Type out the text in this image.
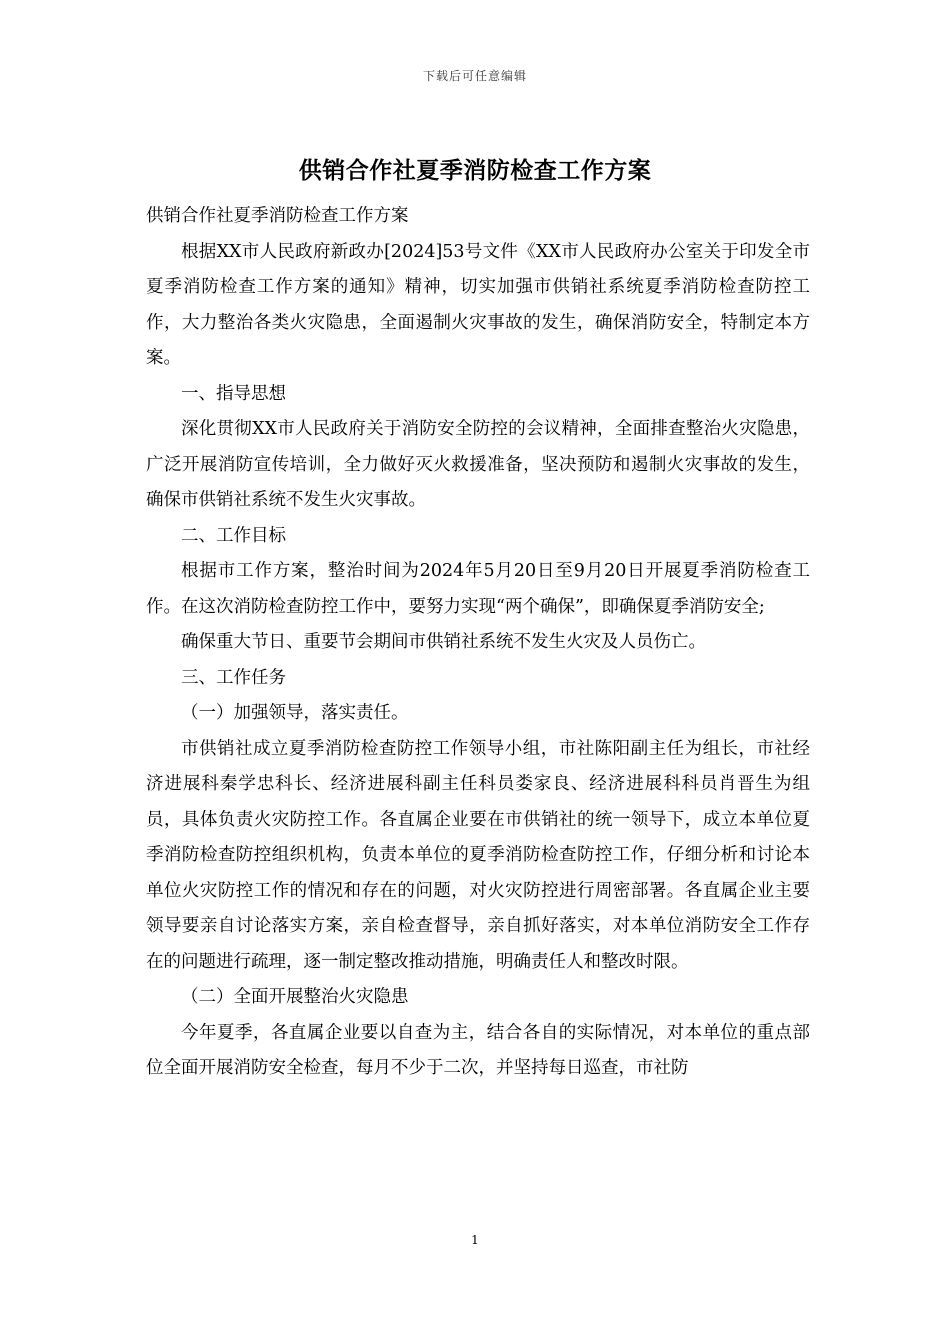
下载后可任意编辑
供销合作社夏季消防检查工作方案

供销合作社夏季消防检查工作方案

根据XX市人民政府新政办[2024]53号文件《XX市人民政府办公室关于印发全市夏季消防检查工作方案的通知》精神，切实加强市供销社系统夏季消防检查防控工作，大力整治各类火灾隐患，全面遏制火灾事故的发生，确保消防安全，特制定本方案。

一、指导思想

深化贯彻XX市人民政府关于消防安全防控的会议精神，全面排查整治火灾隐患，广泛开展消防宣传培训，全力做好灭火救援准备，坚决预防和遏制火灾事故的发生，确保市供销社系统不发生火灾事故。

二、工作目标

根据市工作方案，整治时间为2024年5月20日至9月20日开展夏季消防检查工作。在这次消防检查防控工作中，要努力实现“两个确保”，即确保夏季消防安全;

确保重大节日、重要节会期间市供销社系统不发生火灾及人员伤亡。

三、工作任务

（一）加强领导，落实责任。

市供销社成立夏季消防检查防控工作领导小组，市社陈阳副主任为组长，市社经济进展科秦学忠科长、经济进展科副主任科员娄家良、经济进展科科员肖晋生为组员，具体负责火灾防控工作。各直属企业要在市供销社的统一领导下，成立本单位夏季消防检查防控组织机构，负责本单位的夏季消防检查防控工作，仔细分析和讨论本单位火灾防控工作的情况和存在的问题，对火灾防控进行周密部署。各直属企业主要领导要亲自讨论落实方案，亲自检查督导，亲自抓好落实，对本单位消防安全工作存在的问题进行疏理，逐一制定整改推动措施，明确责任人和整改时限。

（二）全面开展整治火灾隐患

今年夏季，各直属企业要以自查为主，结合各自的实际情况，对本单位的重点部位全面开展消防安全检查，每月不少于二次，并坚持每日巡查，市社防

1
